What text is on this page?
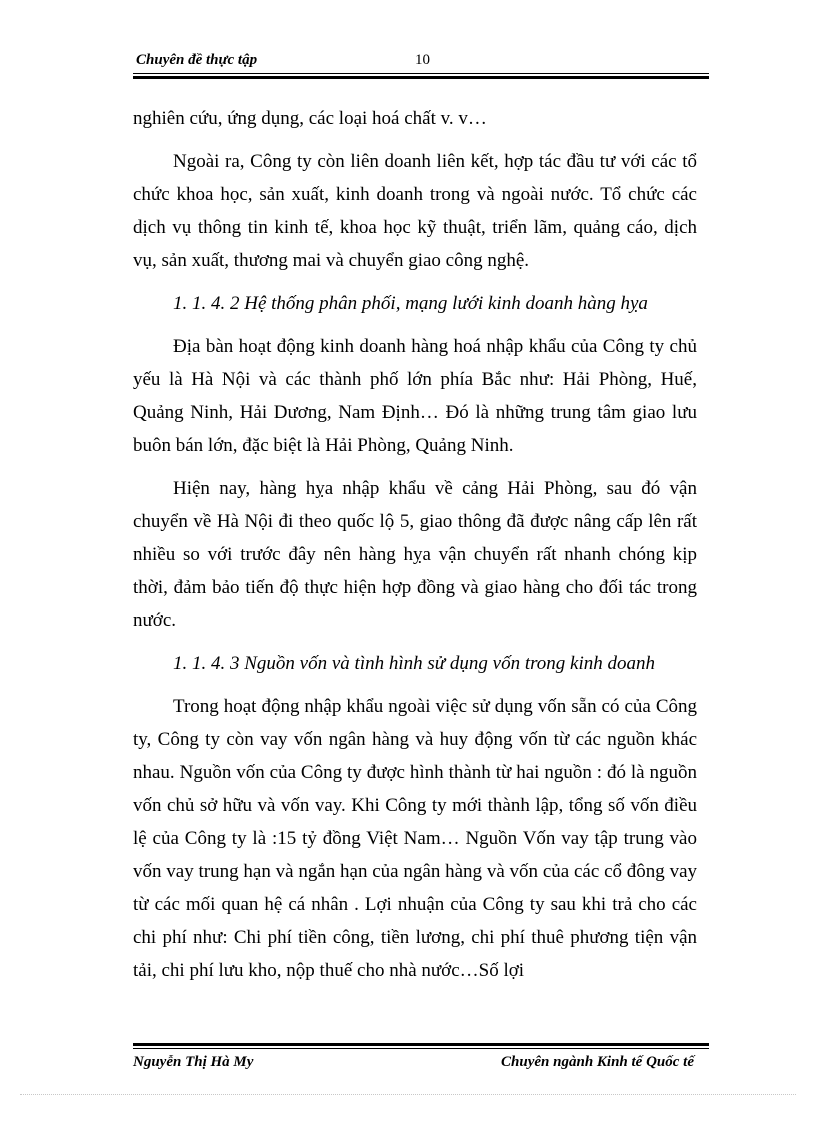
Chuyên đề thực tập	10

nghiên cứu, ứng dụng, các loại hoá chất v. v…

Ngoài ra, Công ty còn liên doanh liên kết, hợp tác đầu tư với các tổ chức khoa học, sản xuất, kinh doanh trong và ngoài nước. Tổ chức các dịch vụ thông tin kinh tế, khoa học kỹ thuật, triển lãm, quảng cáo, dịch vụ, sản xuất, thương mai và chuyển giao công nghệ.

1. 1. 4. 2 Hệ thống phân phối, mạng lưới kinh doanh hàng hỵa

Địa bàn hoạt động kinh doanh hàng hoá nhập khẩu của Công ty chủ yếu là Hà Nội và các thành phố lớn phía Bắc như: Hải Phòng, Huế, Quảng Ninh, Hải Dương, Nam Định… Đó là những trung tâm giao lưu buôn bán lớn, đặc biệt là Hải Phòng, Quảng Ninh.

Hiện nay, hàng hỵa nhập khẩu về cảng Hải Phòng, sau đó vận chuyển về Hà Nội đi theo quốc lộ 5, giao thông đã được nâng cấp lên rất nhiều so với trước đây nên hàng hỵa vận chuyển rất nhanh chóng kịp thời, đảm bảo tiến độ thực hiện hợp đồng và giao hàng cho đối tác trong nước.

1. 1. 4. 3 Nguồn vốn và tình hình sử dụng vốn trong kinh doanh

Trong hoạt động nhập khẩu ngoài việc sử dụng vốn sẵn có của Công ty, Công ty còn vay vốn ngân hàng và huy động vốn từ các nguồn khác nhau. Nguồn vốn của Công ty được hình thành từ hai nguồn : đó là nguồn vốn chủ sở hữu và vốn vay. Khi Công ty mới thành lập, tổng số vốn điều lệ của Công ty là :15 tỷ đồng Việt Nam… Nguồn Vốn vay tập trung vào vốn vay trung hạn và ngắn hạn của ngân hàng và vốn của các cổ đông vay từ các mối quan hệ cá nhân . Lợi nhuận của Công ty sau khi trả cho các chi phí như: Chi phí tiền công, tiền lương, chi phí thuê phương tiện vận tải, chi phí lưu kho, nộp thuế cho nhà nước…Số lợi

Nguyễn Thị Hà My	Chuyên ngành Kinh tế Quốc tế
